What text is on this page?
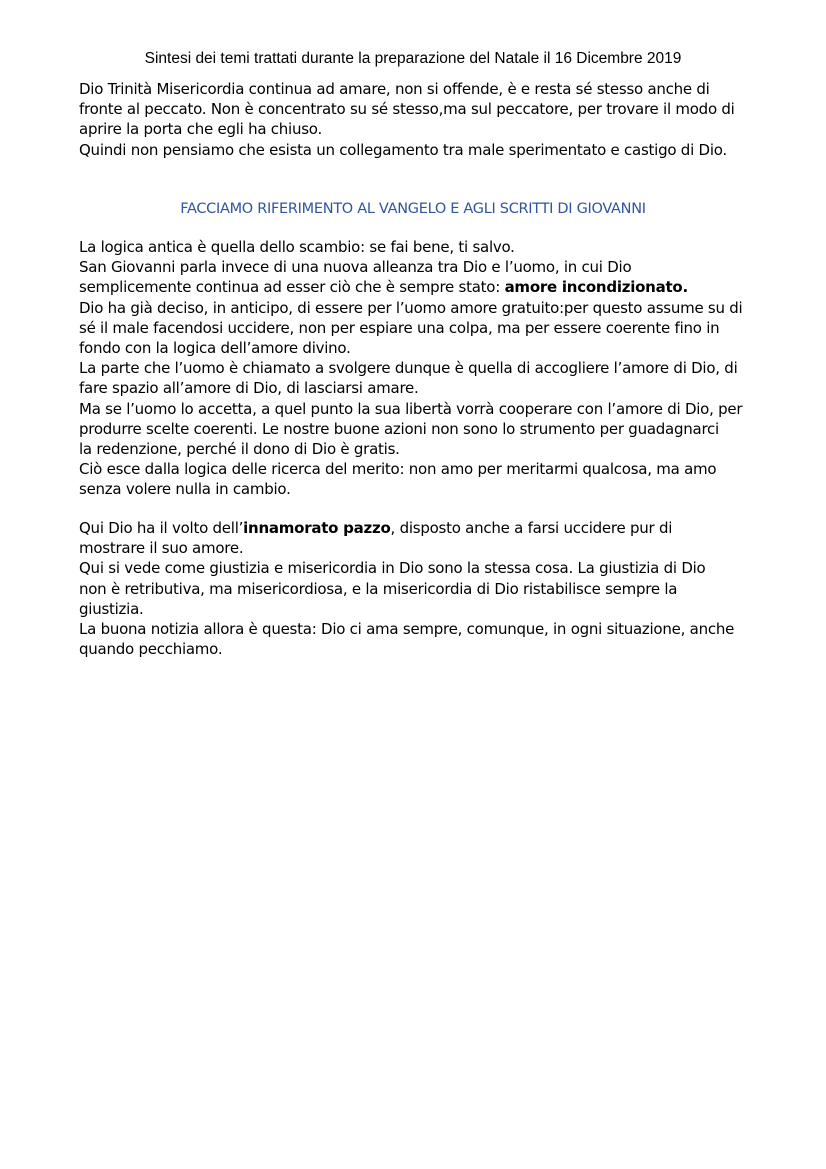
Sintesi dei temi trattati durante la preparazione del Natale il 16 Dicembre 2019
Dio Trinità Misericordia continua ad amare, non si offende, è e resta sé stesso anche di
fronte al peccato. Non è concentrato su sé stesso,ma sul peccatore, per trovare il modo di
aprire la porta che egli ha chiuso.
Quindi non pensiamo che esista un collegamento tra male sperimentato e castigo di Dio.
FACCIAMO RIFERIMENTO AL VANGELO E AGLI SCRITTI DI GIOVANNI
La logica antica è quella dello scambio: se fai bene, ti salvo.
San Giovanni parla invece di una nuova alleanza tra Dio e l’uomo, in cui Dio
semplicemente continua ad esser ciò che è sempre stato: amore incondizionato.
Dio ha già deciso, in anticipo, di essere per l’uomo amore gratuito:per questo assume su di
sé il male facendosi uccidere, non per espiare una colpa, ma per essere coerente fino in
fondo con la logica dell’amore divino.
La parte che l’uomo è chiamato a svolgere dunque è quella di accogliere l’amore di Dio, di
fare spazio all’amore di Dio, di lasciarsi amare.
Ma se l’uomo lo accetta, a quel punto la sua libertà vorrà cooperare con l’amore di Dio, per
produrre scelte coerenti. Le nostre buone azioni non sono lo strumento per guadagnarci
la redenzione, perché il dono di Dio è gratis.
Ciò esce dalla logica delle ricerca del merito: non amo per meritarmi qualcosa, ma amo
senza volere nulla in cambio.
Qui Dio ha il volto dell’innamorato pazzo, disposto anche a farsi uccidere pur di
mostrare il suo amore.
Qui si vede come giustizia e misericordia in Dio sono la stessa cosa. La giustizia di Dio
non è retributiva, ma misericordiosa, e la misericordia di Dio ristabilisce sempre la
giustizia.
La buona notizia allora è questa: Dio ci ama sempre, comunque, in ogni situazione, anche
quando pecchiamo.
